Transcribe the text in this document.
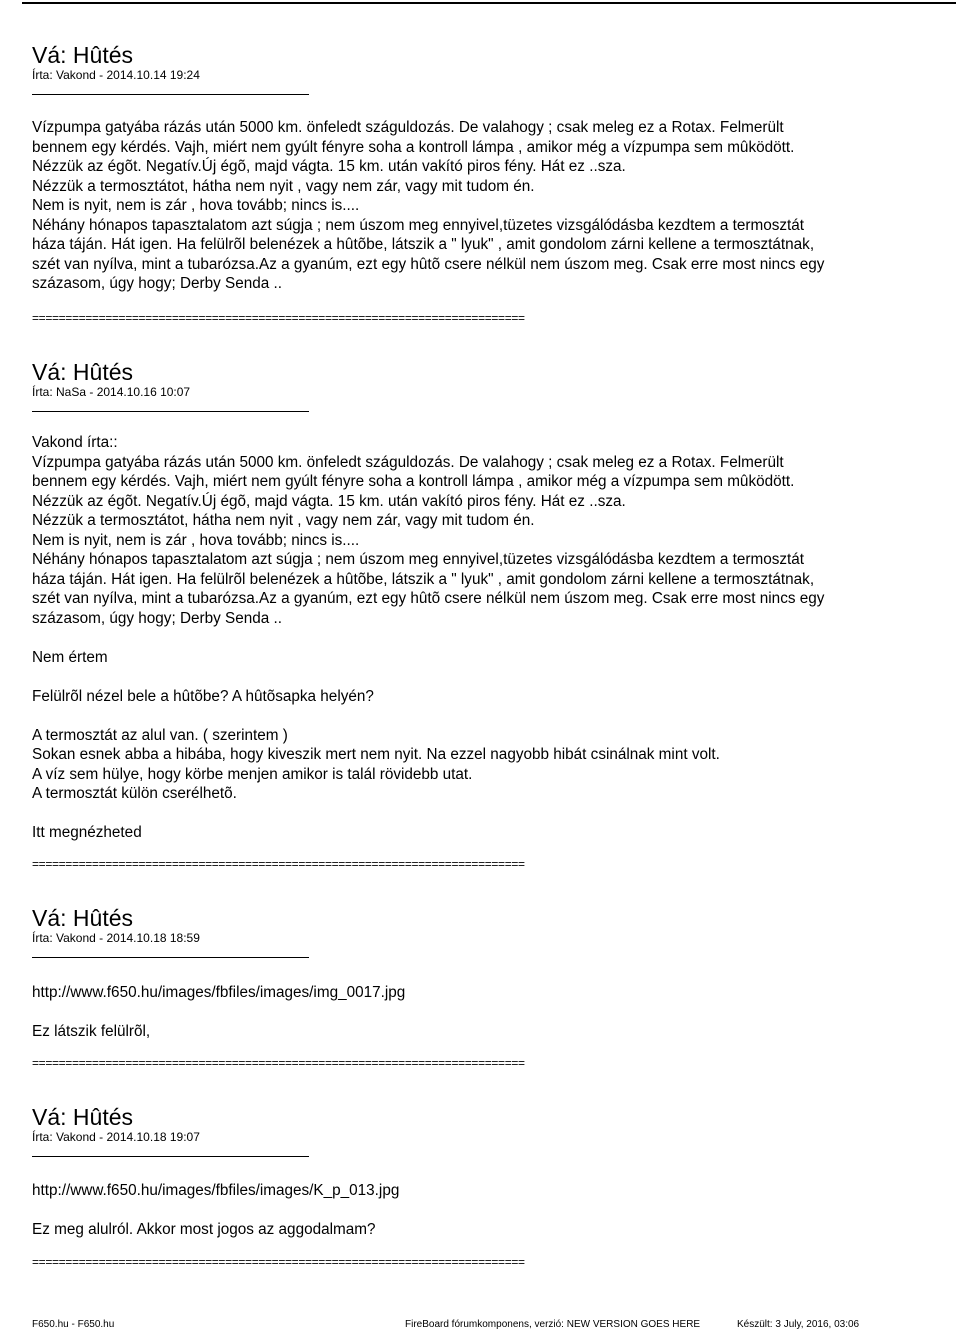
Vá: Hûtés

Írta: Vakond - 2014.10.14 19:24

Vízpumpa gatyába rázás után 5000 km. önfeledt száguldozás. De valahogy ; csak meleg ez a Rotax. Felmerült
bennem egy kérdés. Vajh, miért nem gyúlt fényre soha a kontroll lámpa , amikor még a vízpumpa sem mûködött.
Nézzük az égõt. Negatív.Új égõ, majd vágta. 15 km. után vakító piros fény. Hát ez ..sza.
Nézzük a termosztátot, hátha nem nyit , vagy nem zár, vagy mit tudom én.
Nem is nyit, nem is zár , hova tovább; nincs is....
Néhány hónapos tapasztalatom azt súgja ; nem úszom meg ennyivel,tüzetes vizsgálódásba kezdtem a termosztát
háza táján. Hát igen. Ha felülrõl belenézek a hûtõbe, látszik a " lyuk" , amit gondolom zárni kellene a termosztátnak,
szét van nyílva, mint a tubarózsa.Az a gyanúm, ezt egy hûtõ csere nélkül nem úszom meg. Csak erre most nincs egy
százasom, úgy hogy; Derby Senda ..

==========================================================================
Vá: Hûtés

Írta: NaSa - 2014.10.16 10:07

Vakond írta::
Vízpumpa gatyába rázás után 5000 km. önfeledt száguldozás. De valahogy ; csak meleg ez a Rotax. Felmerült
bennem egy kérdés. Vajh, miért nem gyúlt fényre soha a kontroll lámpa , amikor még a vízpumpa sem mûködött.
Nézzük az égõt. Negatív.Új égõ, majd vágta. 15 km. után vakító piros fény. Hát ez ..sza.
Nézzük a termosztátot, hátha nem nyit , vagy nem zár, vagy mit tudom én.
Nem is nyit, nem is zár , hova tovább; nincs is....
Néhány hónapos tapasztalatom azt súgja ; nem úszom meg ennyivel,tüzetes vizsgálódásba kezdtem a termosztát
háza táján. Hát igen. Ha felülrõl belenézek a hûtõbe, látszik a " lyuk" , amit gondolom zárni kellene a termosztátnak,
szét van nyílva, mint a tubarózsa.Az a gyanúm, ezt egy hûtõ csere nélkül nem úszom meg. Csak erre most nincs egy
százasom, úgy hogy; Derby Senda ..

Nem értem

Felülrõl nézel bele a hûtõbe? A hûtõsapka helyén?

A termosztát az alul van. ( szerintem )
Sokan esnek abba a hibába, hogy kiveszik mert nem nyit. Na ezzel nagyobb hibát csinálnak mint volt.
A víz sem hülye, hogy körbe menjen amikor is talál rövidebb utat.
A termosztát külön cserélhetõ.

Itt megnézheted

==========================================================================
Vá: Hûtés

Írta: Vakond - 2014.10.18 18:59

http://www.f650.hu/images/fbfiles/images/img_0017.jpg

Ez látszik felülrõl,

==========================================================================
Vá: Hûtés

Írta: Vakond - 2014.10.18 19:07

http://www.f650.hu/images/fbfiles/images/K_p_013.jpg

Ez meg alulról. Akkor most jogos az aggodalmam?

==========================================================================
F650.hu - F650.hu	FireBoard fórumkomponens, verzió: NEW VERSION GOES HERE	Készült: 3 July, 2016, 03:06
